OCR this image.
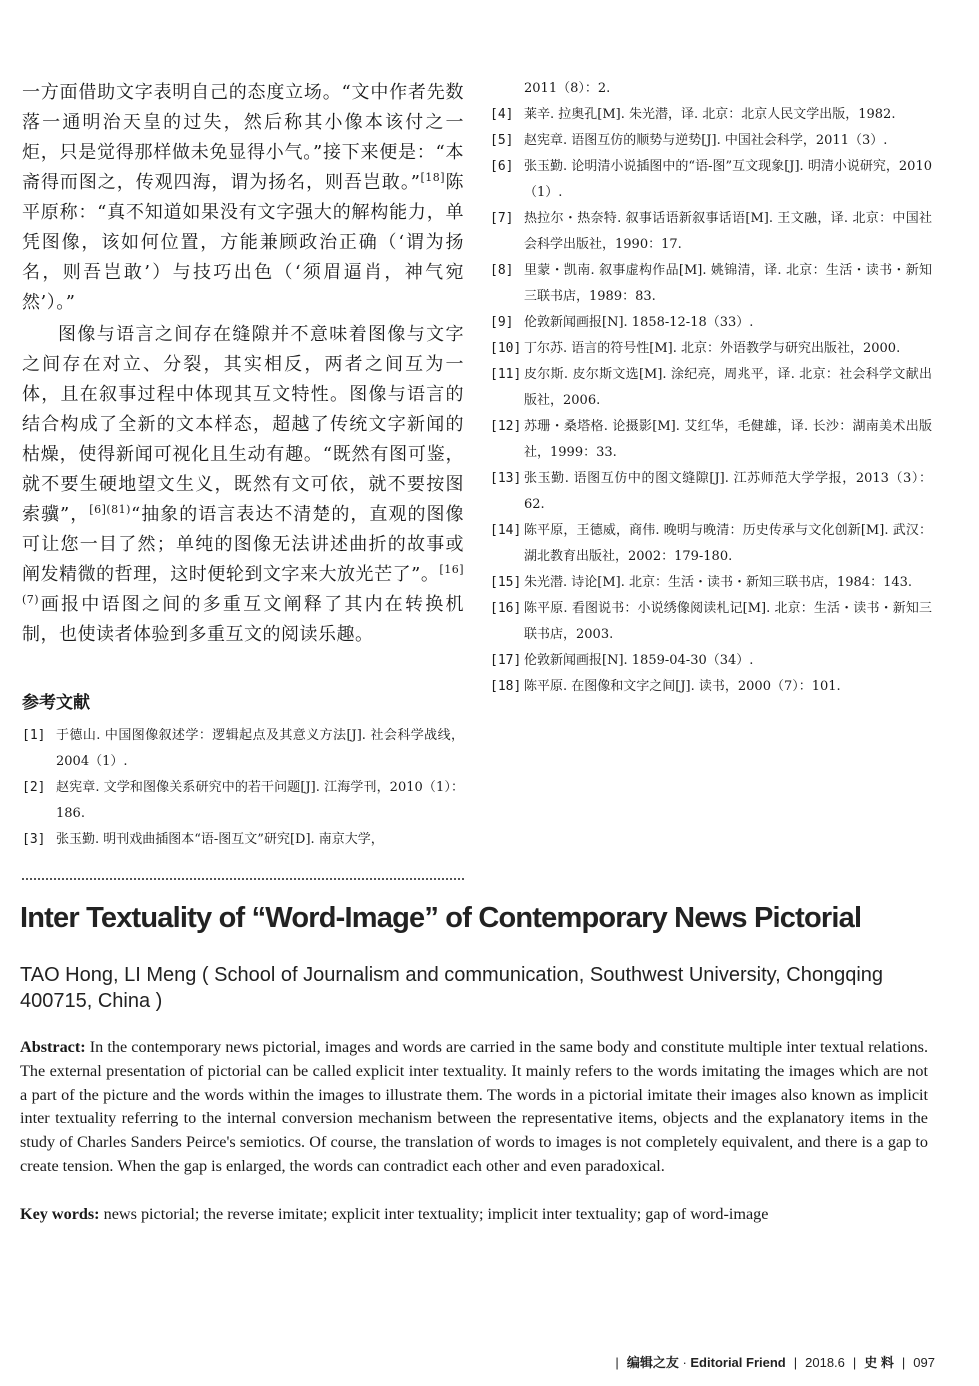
一方面借助文字表明自己的态度立场。“文中作者先数落一通明治天皇的过失，然后称其小像本该付之一炬，只是觉得那样做未免显得小气。”接下来便是：“本斋得而图之，传观四海，谓为扬名，则吾岂敢。”[18]陈平原称：“真不知道如果没有文字强大的解构能力，单凭图像，该如何位置，方能兼顾政治正确（‘谓为扬名，则吾岂敢’）与技巧出色（‘须眉逼肖，神气宛然’）。”

图像与语言之间存在缝隙并不意味着图像与文字之间存在对立、分裂，其实相反，两者之间互为一体，且在叙事过程中体现其互文特性。图像与语言的结合构成了全新的文本样态，超越了传统文字新闻的枯燥，使得新闻可视化且生动有趣。“既然有图可鉴，就不要生硬地望文生义，既然有文可依，就不要按图索骥”，$^{[6](81)}$“抽象的语言表达不清楚的，直观的图像可让您一目了然；单纯的图像无法讲述曲折的故事或阐发精微的哲理，这时便轮到文字来大放光芒了”。$^{[16](7)}$画报中语图之间的多重互文阐释了其内在转换机制，也使读者体验到多重互文的阅读乐趣。

参考文献
[1] 于德山. 中国图像叙述学：逻辑起点及其意义方法[J]. 社会科学战线，2004（1）.
[2] 赵宪章. 文学和图像关系研究中的若干问题[J]. 江海学刊，2010（1）：186.
[3] 张玉勤. 明刊戏曲插图本“语-图互文”研究[D]. 南京大学，

2011（8）：2.

[4] 莱辛. 拉奥孔[M]. 朱光潜，译. 北京：北京人民文学出版，1982.
[5] 赵宪章. 语图互仿的顺势与逆势[J]. 中国社会科学，2011（3）.
[6] 张玉勤. 论明清小说插图中的“语-图”互文现象[J]. 明清小说研究，2010（1）.
[7] 热拉尔・热奈特. 叙事话语新叙事话语[M]. 王文融，译. 北京：中国社会科学出版社，1990：17.
[8] 里蒙・凯南. 叙事虚构作品[M]. 姚锦清，译. 北京：生活・读书・新知三联书店，1989：83.
[9] 伦敦新闻画报[N]. 1858-12-18（33）.
[10] 丁尔苏. 语言的符号性[M]. 北京：外语教学与研究出版社，2000.
[11] 皮尔斯. 皮尔斯文选[M]. 涂纪亮，周兆平，译. 北京：社会科学文献出版社，2006.
[12] 苏珊・桑塔格. 论摄影[M]. 艾红华，毛健雄，译. 长沙：湖南美术出版社，1999：33.
[13] 张玉勤. 语图互仿中的图文缝隙[J]. 江苏师范大学学报，2013（3）：62.
[14] 陈平原，王德威，商伟. 晚明与晚清：历史传承与文化创新[M]. 武汉：湖北教育出版社，2002：179-180.
[15] 朱光潜. 诗论[M]. 北京：生活・读书・新知三联书店，1984：143.
[16] 陈平原. 看图说书：小说绣像阅读札记[M]. 北京：生活・读书・新知三联书店，2003.
[17] 伦敦新闻画报[N]. 1859-04-30（34）.
[18] 陈平原. 在图像和文字之间[J]. 读书，2000（7）：101.
Inter Textuality of “Word-Image” of Contemporary News Pictorial

TAO Hong, LI Meng ( School of Journalism and communication, Southwest University, Chongqing 400715, China )

Abstract: In the contemporary news pictorial, images and words are carried in the same body and constitute multiple inter textual relations. The external presentation of pictorial can be called explicit inter textuality. It mainly refers to the words imitating the images which are not a part of the picture and the words within the images to illustrate them. The words in a pictorial imitate their images also known as implicit inter textuality referring to the internal conversion mechanism between the representative items, objects and the explanatory items in the study of Charles Sanders Peirce's semiotics. Of course, the translation of words to images is not completely equivalent, and there is a gap to create tension. When the gap is enlarged, the words can contradict each other and even paradoxical.

Key words: news pictorial; the reverse imitate; explicit inter textuality; implicit inter textuality; gap of word-image

| 编辑之友 · Editorial Friend | 2018.6 | 史 料 | 097
